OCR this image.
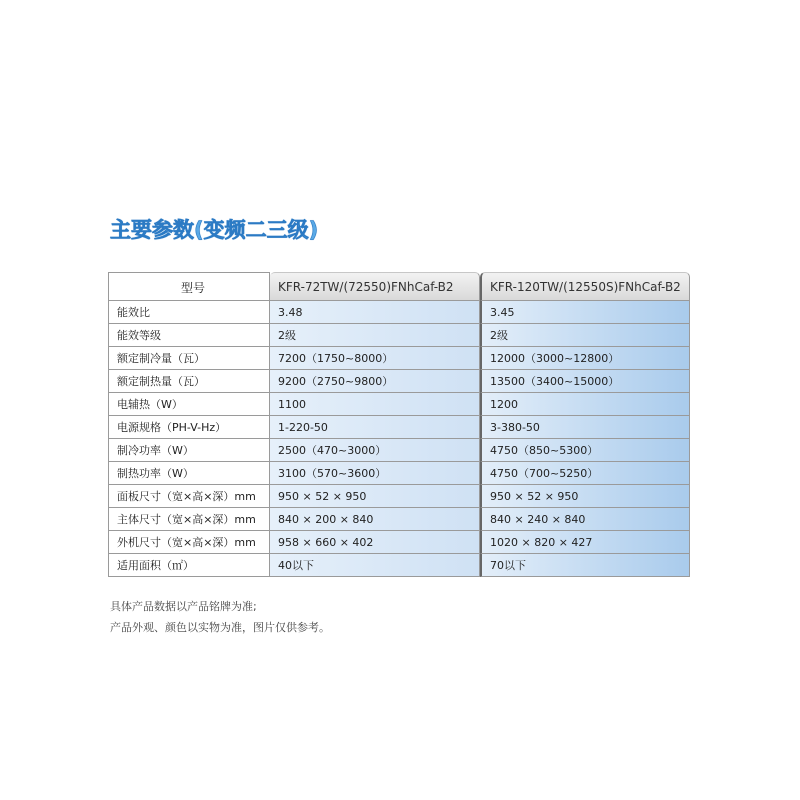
主要参数(变频二三级)
型号	KFR-72TW/(72550)FNhCaf-B2	KFR-120TW/(12550S)FNhCaf-B2
能效比	3.48	3.45
能效等级	2级	2级
额定制冷量（瓦）	7200（1750~8000）	12000（3000~12800）
额定制热量（瓦）	9200（2750~9800）	13500（3400~15000）
电辅热（W）	1100	1200
电源规格（PH-V-Hz）	1-220-50	3-380-50
制冷功率（W）	2500（470~3000）	4750（850~5300）
制热功率（W）	3100（570~3600）	4750（700~5250）
面板尺寸（宽×高×深）mm	950 × 52 × 950	950 × 52 × 950
主体尺寸（宽×高×深）mm	840 × 200 × 840	840 × 240 × 840
外机尺寸（宽×高×深）mm	958 × 660 × 402	1020 × 820 × 427
适用面积（㎡）	40以下	70以下
具体产品数据以产品铭牌为准;
产品外观、颜色以实物为准，图片仅供参考。
